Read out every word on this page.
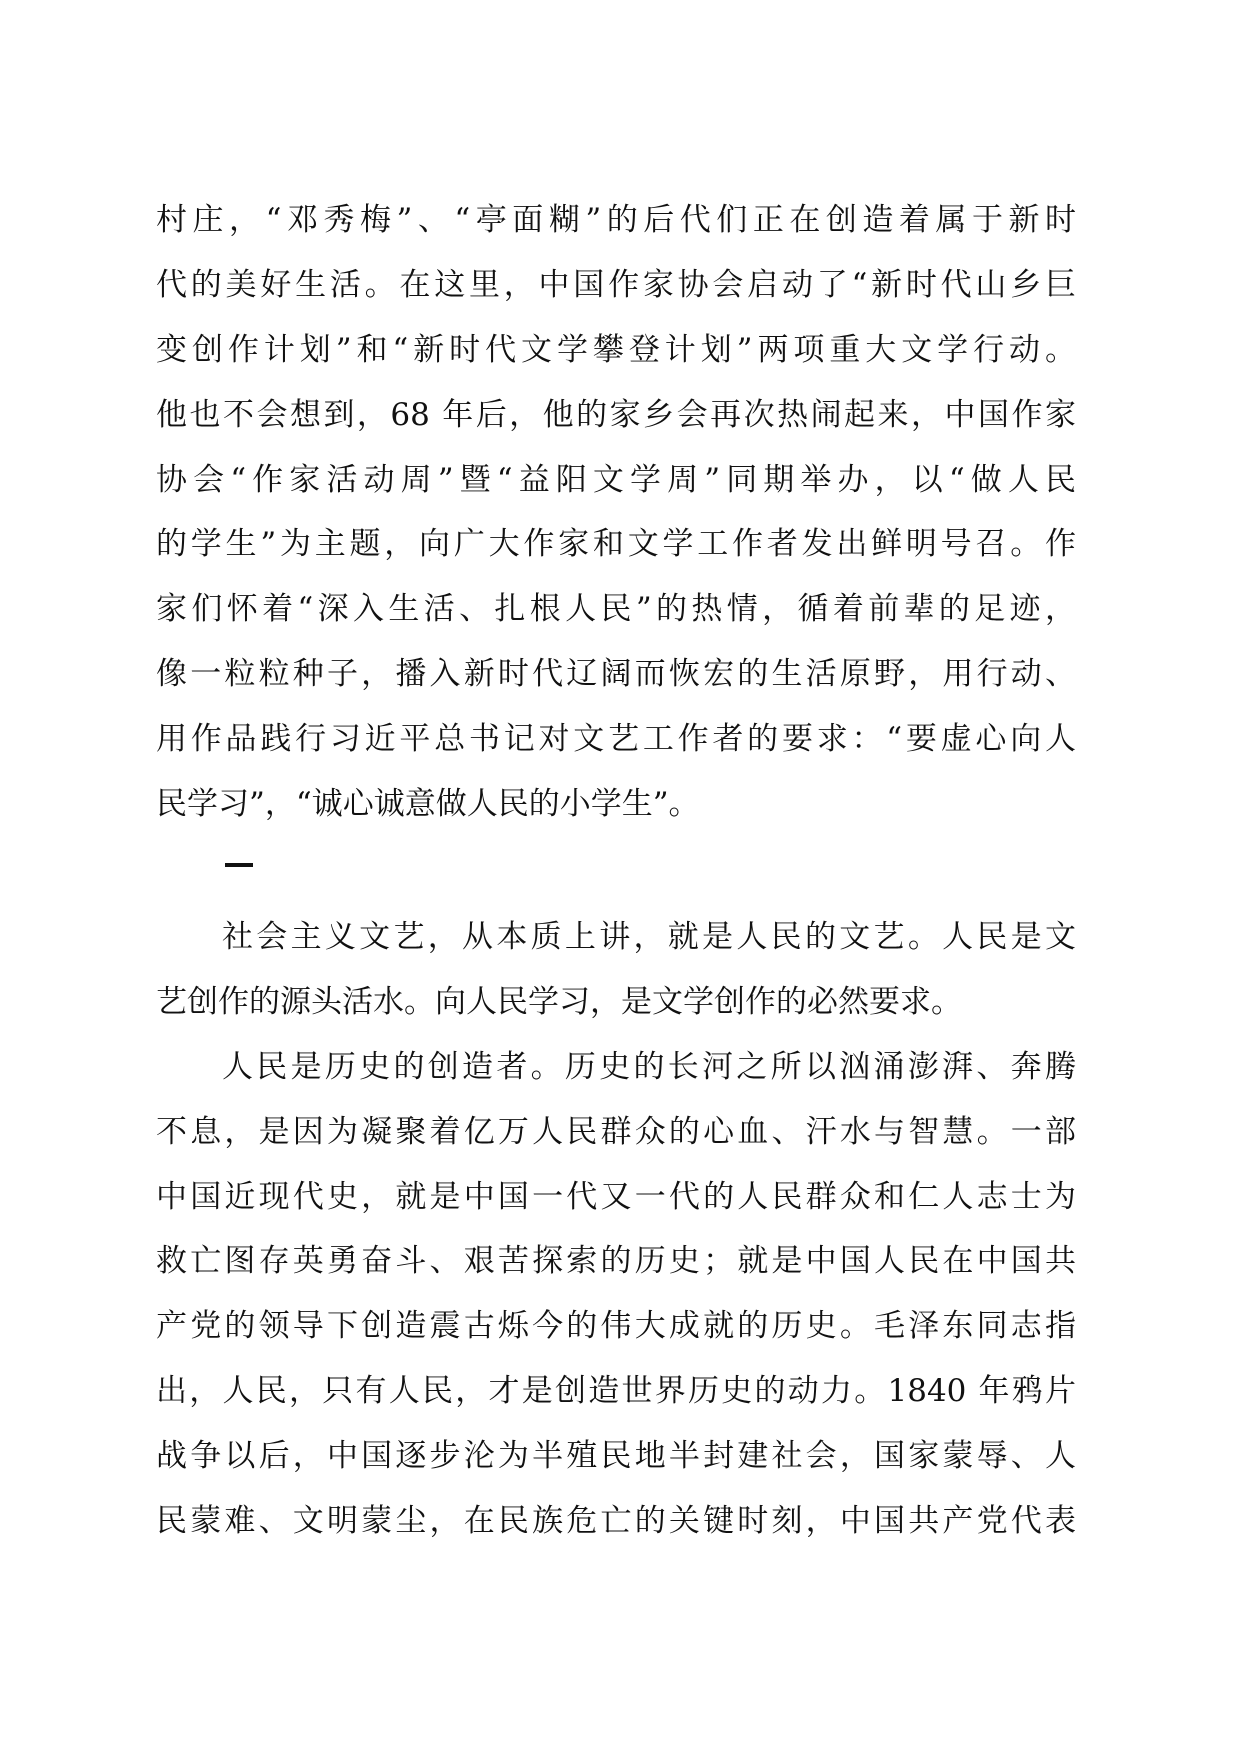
村庄，“邓秀梅”、“亭面糊”的后代们正在创造着属于新时
代的美好生活。在这里，中国作家协会启动了“新时代山乡巨
变创作计划”和“新时代文学攀登计划”两项重大文学行动。
他也不会想到，68 年后，他的家乡会再次热闹起来，中国作家
协会“作家活动周”暨“益阳文学周”同期举办，以“做人民
的学生”为主题，向广大作家和文学工作者发出鲜明号召。作
家们怀着“深入生活、扎根人民”的热情，循着前辈的足迹，
像一粒粒种子，播入新时代辽阔而恢宏的生活原野，用行动、
用作品践行习近平总书记对文艺工作者的要求：“要虚心向人
民学习”，“诚心诚意做人民的小学生”。
社会主义文艺，从本质上讲，就是人民的文艺。人民是文
艺创作的源头活水。向人民学习，是文学创作的必然要求。
人民是历史的创造者。历史的长河之所以汹涌澎湃、奔腾
不息，是因为凝聚着亿万人民群众的心血、汗水与智慧。一部
中国近现代史，就是中国一代又一代的人民群众和仁人志士为
救亡图存英勇奋斗、艰苦探索的历史；就是中国人民在中国共
产党的领导下创造震古烁今的伟大成就的历史。毛泽东同志指
出，人民，只有人民，才是创造世界历史的动力。1840 年鸦片
战争以后，中国逐步沦为半殖民地半封建社会，国家蒙辱、人
民蒙难、文明蒙尘，在民族危亡的关键时刻，中国共产党代表
